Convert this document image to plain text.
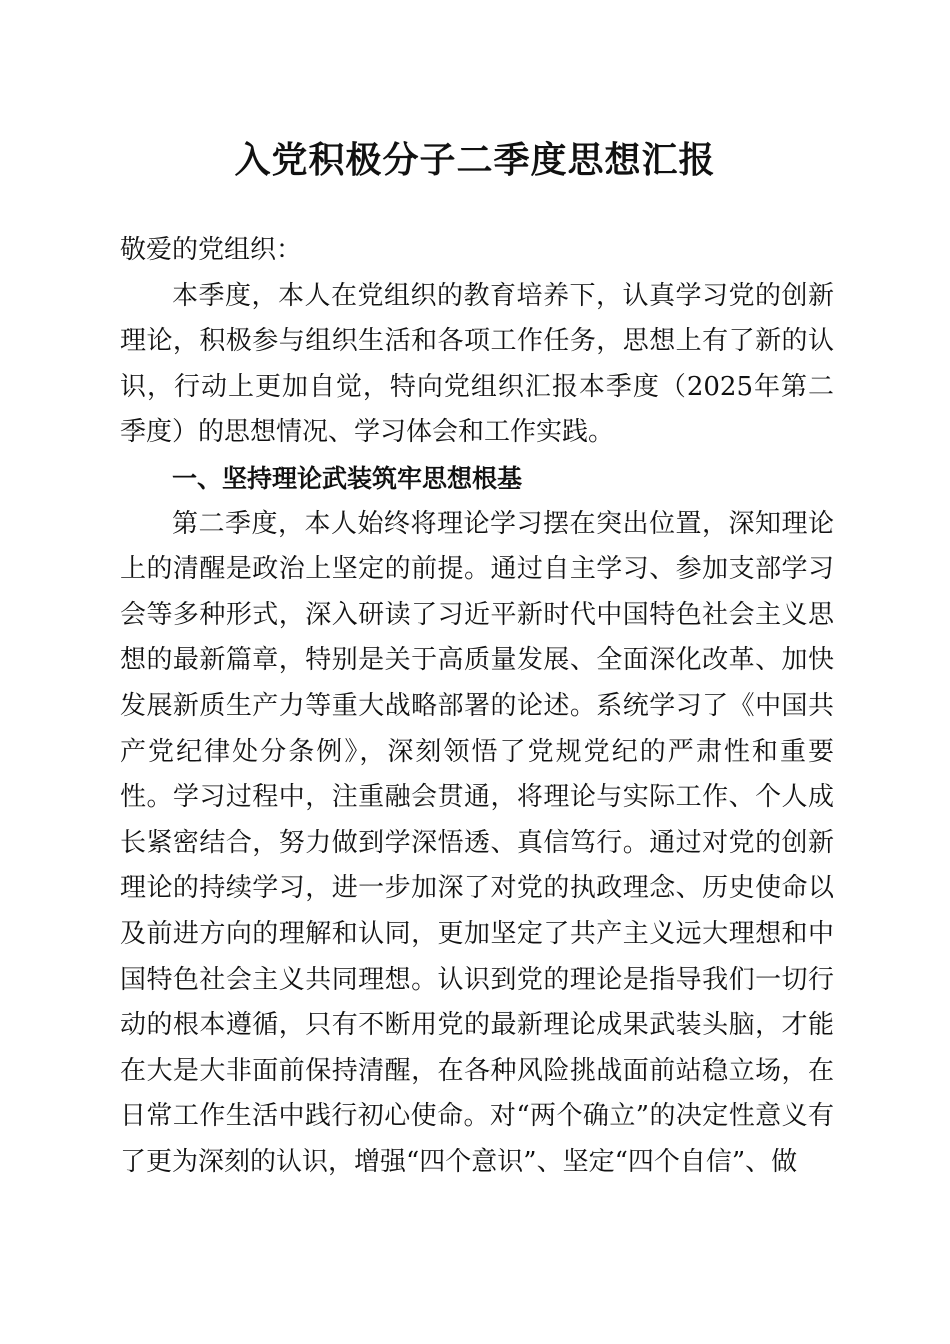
入党积极分子二季度思想汇报

敬爱的党组织：

本季度，本人在党组织的教育培养下，认真学习党的创新理论，积极参与组织生活和各项工作任务，思想上有了新的认识，行动上更加自觉，特向党组织汇报本季度（2025年第二季度）的思想情况、学习体会和工作实践。

一、坚持理论武装筑牢思想根基

第二季度，本人始终将理论学习摆在突出位置，深知理论上的清醒是政治上坚定的前提。通过自主学习、参加支部学习会等多种形式，深入研读了习近平新时代中国特色社会主义思想的最新篇章，特别是关于高质量发展、全面深化改革、加快发展新质生产力等重大战略部署的论述。系统学习了《中国共产党纪律处分条例》，深刻领悟了党规党纪的严肃性和重要性。学习过程中，注重融会贯通，将理论与实际工作、个人成长紧密结合，努力做到学深悟透、真信笃行。通过对党的创新理论的持续学习，进一步加深了对党的执政理念、历史使命以及前进方向的理解和认同，更加坚定了共产主义远大理想和中国特色社会主义共同理想。认识到党的理论是指导我们一切行动的根本遵循，只有不断用党的最新理论成果武装头脑，才能在大是大非面前保持清醒，在各种风险挑战面前站稳立场，在日常工作生活中践行初心使命。对“两个确立”的决定性意义有了更为深刻的认识，增强“四个意识”、坚定“四个自信”、做
